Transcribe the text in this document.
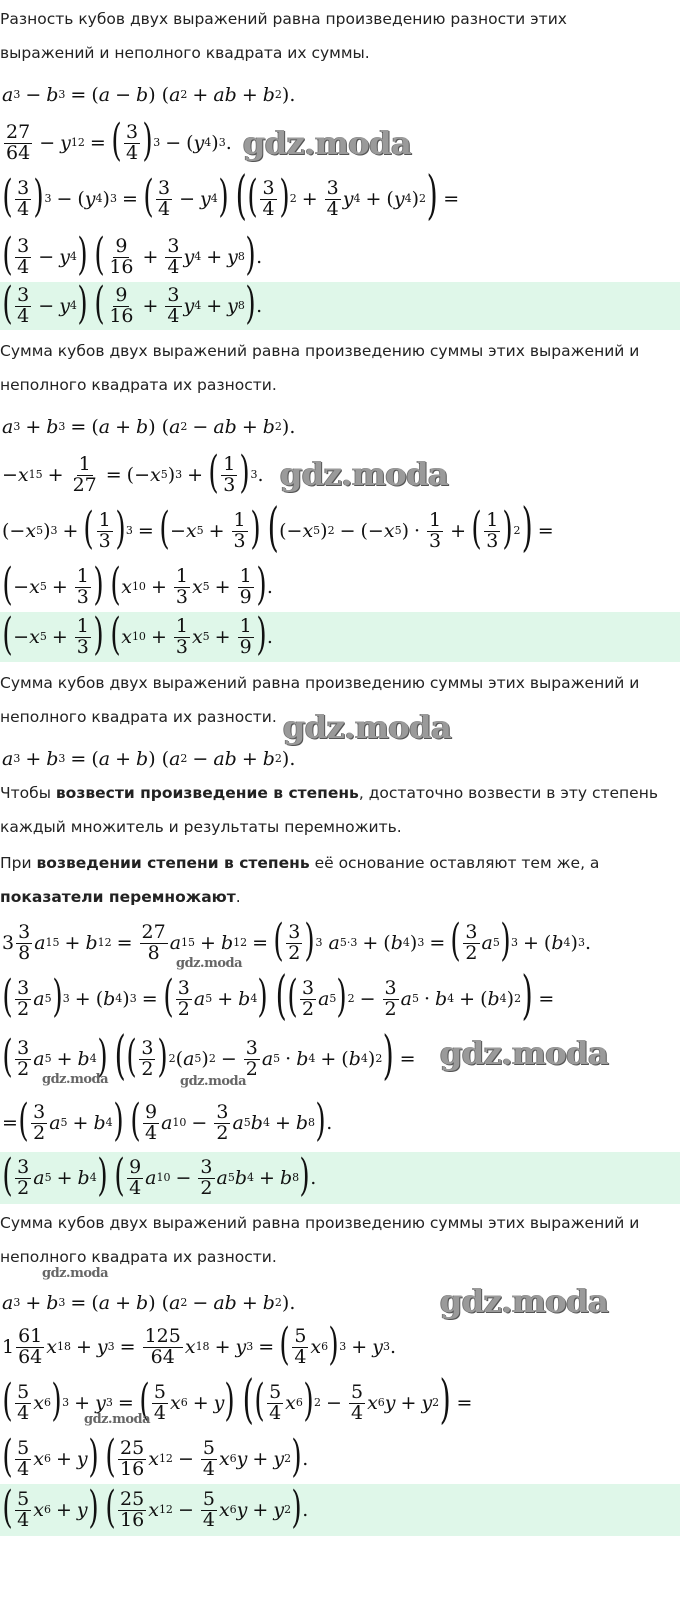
Разность кубов двух выражений равна произведению разности этих
выражений и неполного квадрата их суммы.
a 3 − b 3 = ( a − b ) ( a 2 + ab + b 2 ).
$\frac{27}{64} - y$ 12 = ( $\frac{3}{4}$ ) 3 − ( y 4 ) 3 . gdz.moda
( $\frac{3}{4}$ ) 3 − ( y 4 ) 3 = ( $\frac{3}{4} - y$ 4 )
( ( $\frac{3}{4}$ ) $2 + \frac{3}{4}$ y 4 + ( y 4 ) 2 ) =
( $\frac{3}{4} - y$ 4 )
( $\frac{9}{16} + \frac{3}{4}$ y 4 + y 8 ) .
( $\frac{3}{4} - y$ 4 )
( $\frac{9}{16} + \frac{3}{4}$ y 4 + y 8 ) .
Сумма кубов двух выражений равна произведению суммы этих выражений и
неполного квадрата их разности.
a 3 + b 3 = ( a + b ) ( a 2 − ab + b 2 ).
− x $15 + \frac{1}{27}$ = (− x 5 ) 3 + ( $\frac{1}{3}$ ) 3 . gdz.moda
(− x 5 ) 3 + ( $\frac{1}{3}$ ) 3 = ( − x $5 + \frac{1}{3}$ )
( (− x 5 ) 2 − (− x 5 ) · $\frac{1}{3}$ + ( $\frac{1}{3}$ ) 2 ) =
( − x $5 + \frac{1}{3}$ )
( x $10 + \frac{1}{3}$ x $5 + \frac{1}{9}$ ) .
( − x $5 + \frac{1}{3}$ )
( x $10 + \frac{1}{3}$ x $5 + \frac{1}{9}$ ) .
Сумма кубов двух выражений равна произведению суммы этих выражений и
неполного квадрата их разности. gdz.moda
a 3 + b 3 = ( a + b ) ( a 2 − ab + b 2 ).
Чтобы возвести произведение в степень, достаточно возвести в эту степень
каждый множитель и результаты перемножить.
При возведении степени в степень её основание оставляют тем же, а
показатели перемножают.
$3 \frac{3}{8}$ a 15 + b $12 = \frac{27}{8}$ a 15 + b 12 = ( $\frac{3}{2}$ ) 3
a 5·3 + ( b 4 ) 3 = ( $\frac{3}{2}$ a 5 ) 3 + ( b 4 ) 3 .
gdz.moda
( $\frac{3}{2}$ a 5 ) 3 + ( b 4 ) 3 = ( $\frac{3}{2}$ a 5 + b 4 )
( ( $\frac{3}{2}$ a 5 ) $2 - \frac{3}{2}$ a 5 · b 4 + ( b 4 ) 2 ) =
( $\frac{3}{2}$ a 5 + b 4 )
( ( $\frac{3}{2}$ ) 2 ( a 5 ) $2 - \frac{3}{2}$ a 5 · b 4 + ( b 4 ) 2 ) = gdz.moda
gdz.moda	gdz.moda
= ( $\frac{3}{2}$ a 5 + b 4 )
( $\frac{9}{4}$ a $10 - \frac{3}{2}$ a 5 b 4 + b 8 ) .
( $\frac{3}{2}$ a 5 + b 4 )
( $\frac{9}{4}$ a $10 - \frac{3}{2}$ a 5 b 4 + b 8 ) .
Сумма кубов двух выражений равна произведению суммы этих выражений и
неполного квадрата их разности.
gdz.moda
a 3 + b 3 = ( a + b ) ( a 2 − ab + b 2 ).	gdz.moda
$1 \frac{61}{64}$ x 18 + y $3 = \frac{125}{64}$ x 18 + y 3 = ( $\frac{5}{4}$ x 6 ) 3 + y 3 .
( $\frac{5}{4}$ x 6 ) 3 + y 3 = ( $\frac{5}{4}$ x 6 + y )
( ( $\frac{5}{4}$ x 6 ) $2 - \frac{5}{4}$ x 6 y + y 2 ) =
gdz.moda
( $\frac{5}{4}$ x 6 + y )
( $\frac{25}{16}$ x $12 - \frac{5}{4}$ x 6 y + y 2 ) .
( $\frac{5}{4}$ x 6 + y )
( $\frac{25}{16}$ x $12 - \frac{5}{4}$ x 6 y + y 2 ) .
